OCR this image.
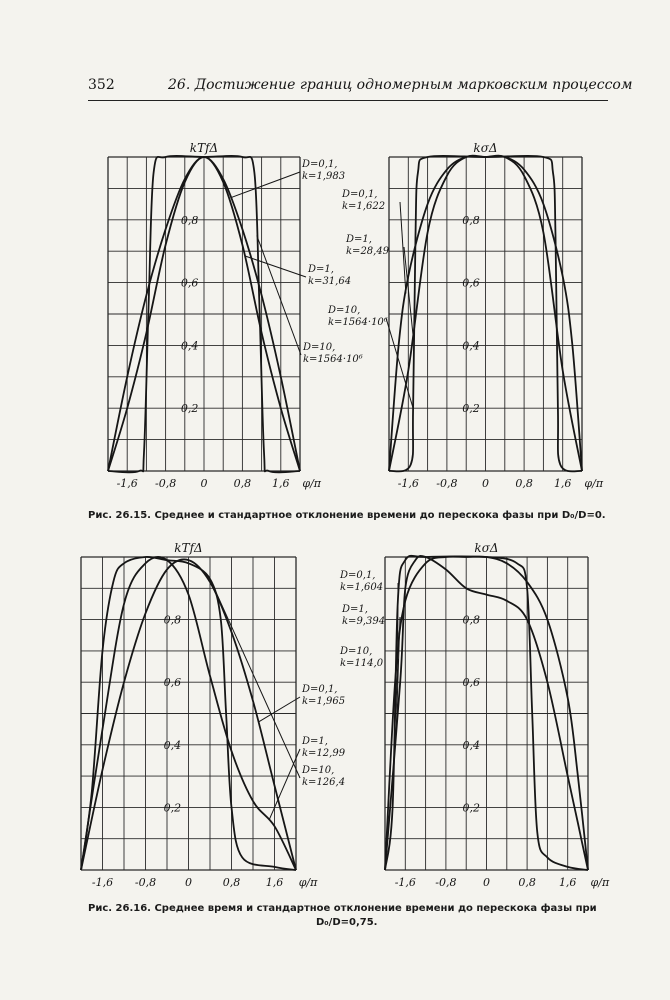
352	26. Достижение границ одномерным марковским процессом
kTfΔ
0,2
0,4
0,6
0,8
-1,6 -0,8 0 0,8 1,6 φ/π
D=0,1,
k=1,983
D=1,
k=31,64
D=10,
k=1564·10⁶
kσΔ
0,2
0,4
0,6
0,8
-1,6 -0,8 0 0,8 1,6 φ/π
D=0,1,
k=1,622
D=1,
k=28,49
D=10,
k=1564·10⁶
kTfΔ
0,2
0,4
0,6
0,8
-1,6 -0,8	0	0,8 1,6 φ/π
D=0,1,
k=1,965
D=1,
k=12,99
D=10,
k=126,4
kσΔ
0,2
0,4
0,6
0,8
-1,6 -0,8 0	0,8 1,6 φ/π
D=0,1,
k=1,604
D=1,
k=9,394
D=10,
k=114,0
Рис. 26.15. Среднее и стандартное отклонение времени до перескока фазы при D₀/D=0.
Рис. 26.16. Среднее время и стандартное отклонение времени до перескока фазы при
D₀/D=0,75.
